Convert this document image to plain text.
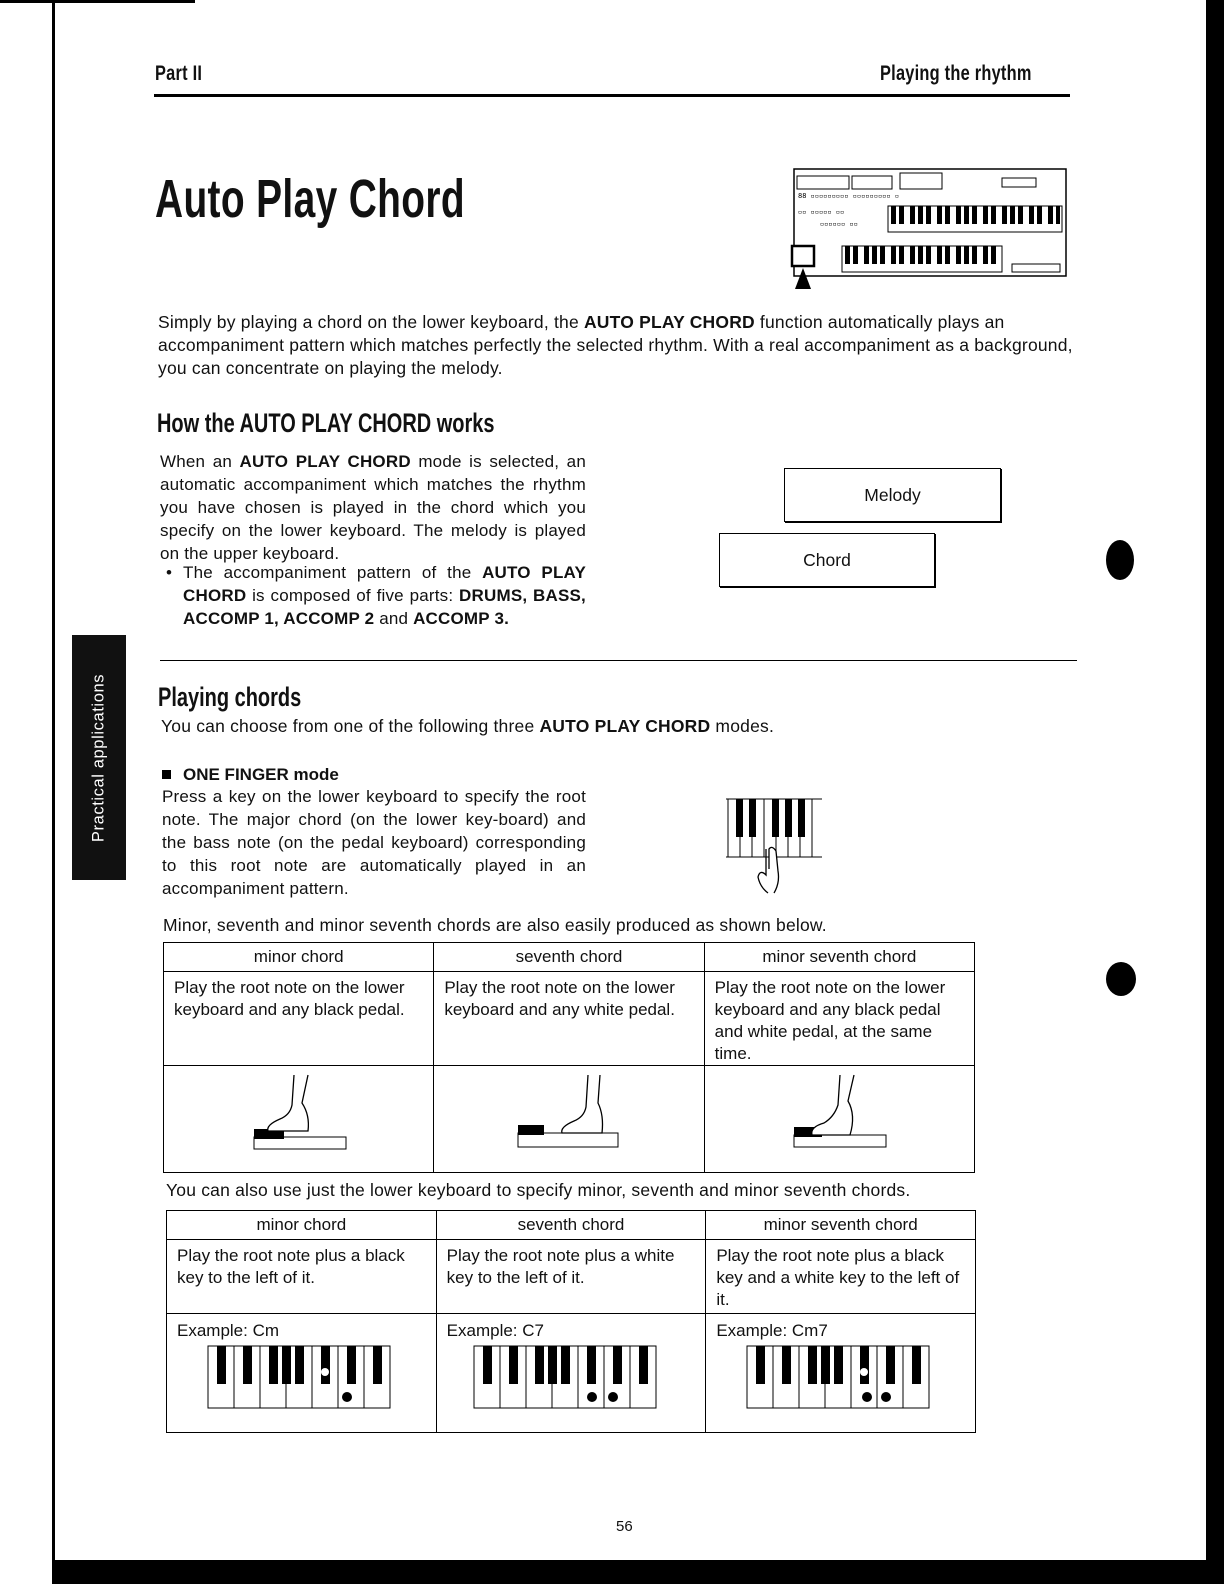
Part II	Playing the rhythm
Auto Play Chord	88 ▫▫▫▫▫▫▫▫▫ ▫▫▫▫▫▫▫▫▫ ▫
▫▫ ▫▫▫▫▫ ▫▫
▫▫▫▫▫▫ ▫▫
Simply by playing a chord on the lower keyboard, the AUTO PLAY CHORD function automatically plays an accompaniment pattern which matches perfectly the selected rhythm. With a real accompaniment as a background, you can concentrate on playing the melody.
How the AUTO PLAY CHORD works
When an AUTO PLAY CHORD mode is selected, an automatic accompaniment which matches the rhythm you have chosen is played in the chord which you specify on the lower keyboard. The melody is played on the upper keyboard.
• The accompaniment pattern of the AUTO PLAY CHORD is composed of five parts: DRUMS, BASS, ACCOMP 1, ACCOMP 2 and ACCOMP 3.
Melody
Chord
Playing chords
You can choose from one of the following three AUTO PLAY CHORD modes.
ONE FINGER mode
Press a key on the lower keyboard to specify the root note. The major chord (on the lower key-board) and the bass note (on the pedal keyboard) corresponding to this root note are automatically played in an accompaniment pattern.
Minor, seventh and minor seventh chords are also easily produced as shown below.
minor chord	seventh chord	minor seventh chord
Play the root note on the lower keyboard and any black pedal.	Play the root note on the lower keyboard and any white pedal.	Play the root note on the lower keyboard and any black pedal and white pedal, at the same time.

You can also use just the lower keyboard to specify minor, seventh and minor seventh chords.
minor chord	seventh chord	minor seventh chord
Play the root note plus a black key to the left of it.	Play the root note plus a white key to the left of it.	Play the root note plus a black key and a white key to the left of it.

Example: Cm	Example: C7	Example: Cm7
Practical applications
56
